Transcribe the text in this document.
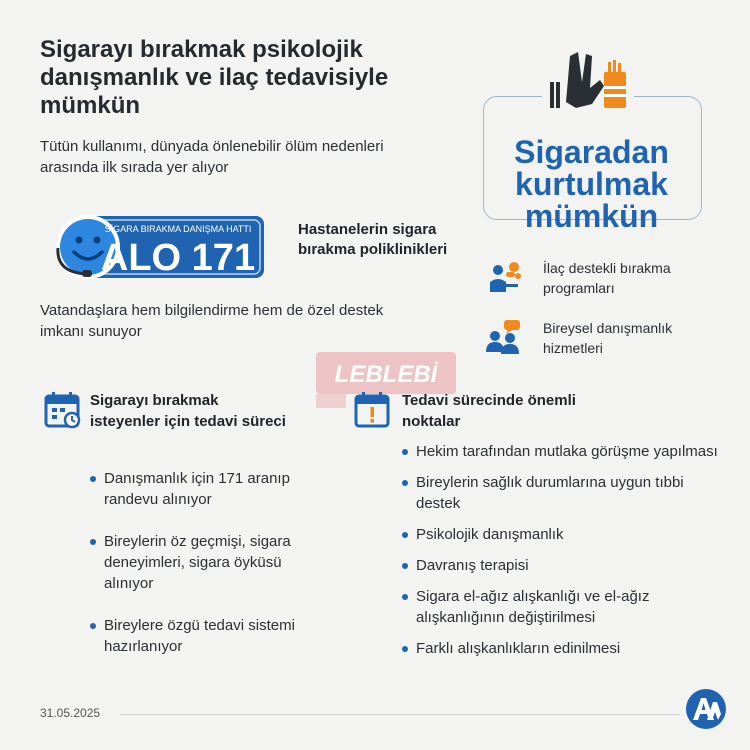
Sigarayı bırakmak psikolojik danışmanlık ve ilaç tedavisiyle mümkün
Tütün kullanımı, dünyada önlenebilir ölüm nedenleri arasında ilk sırada yer alıyor
SİGARA BIRAKMA DANIŞMA HATTI
ALO 171
Hastanelerin sigara bırakma poliklinikleri
Vatandaşlara hem bilgilendirme hem de özel destek imkanı sunuyor
Sigaradan kurtulmak mümkün
İlaç destekli bırakma programları
Bireysel danışmanlık hizmetleri
LEBLEBİ
Sigarayı bırakmak isteyenler için tedavi süreci
Danışmanlık için 171 aranıp randevu alınıyor
Bireylerin öz geçmişi, sigara deneyimleri, sigara öyküsü alınıyor
Bireylere özgü tedavi sistemi hazırlanıyor
Tedavi sürecinde önemli noktalar
Hekim tarafından mutlaka görüşme yapılması
Bireylerin sağlık durumlarına uygun tıbbi destek
Psikolojik danışmanlık
Davranış terapisi
Sigara el-ağız alışkanlığı ve el-ağız alışkanlığının değiştirilmesi
Farklı alışkanlıkların edinilmesi
31.05.2025
